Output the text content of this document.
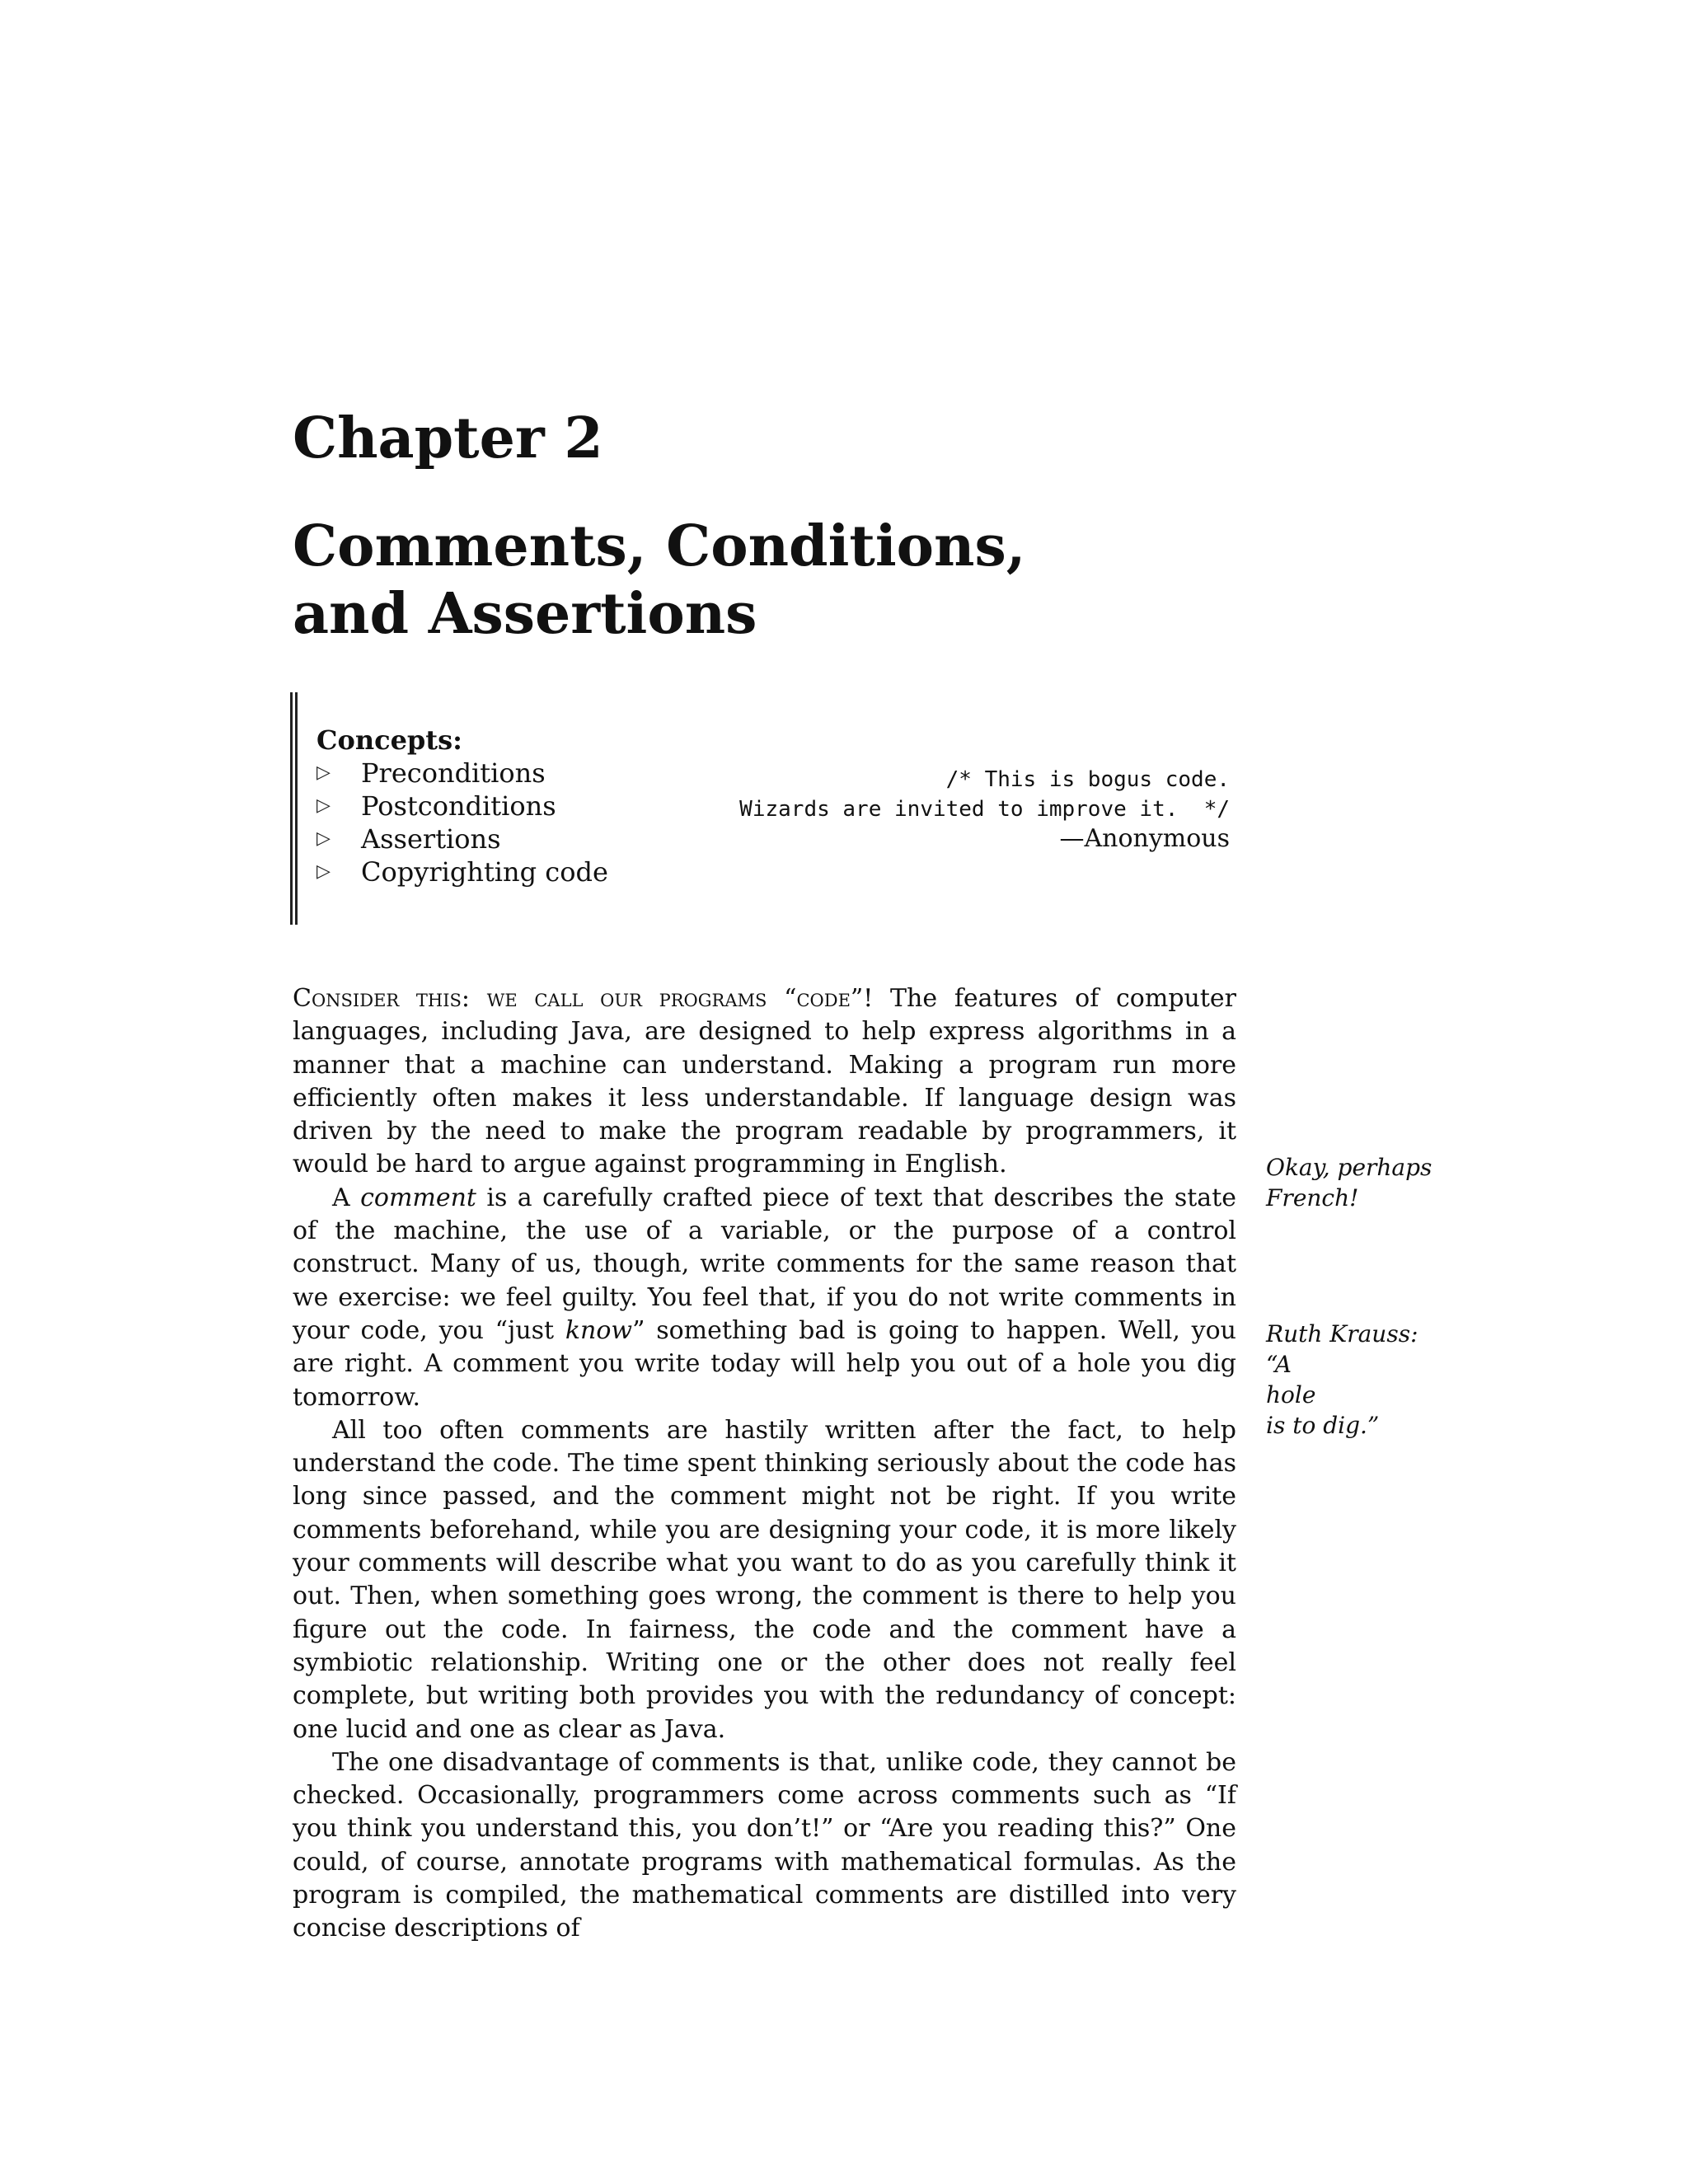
Chapter 2
Comments, Conditions,
and Assertions
Concepts:
▷ Preconditions
▷ Postconditions
▷ Assertions
▷ Copyrighting code
/* This is bogus code.
Wizards are invited to improve it.  */
—Anonymous

Consider this: we call our programs “code”! The features of computer languages, including Java, are designed to help express algorithms in a manner that a machine can understand. Making a program run more efficiently often makes it less understandable. If language design was driven by the need to make the program readable by programmers, it would be hard to argue against programming in English.

A comment is a carefully crafted piece of text that describes the state of the machine, the use of a variable, or the purpose of a control construct. Many of us, though, write comments for the same reason that we exercise: we feel guilty. You feel that, if you do not write comments in your code, you “just know” something bad is going to happen. Well, you are right. A comment you write today will help you out of a hole you dig tomorrow.

All too often comments are hastily written after the fact, to help understand the code. The time spent thinking seriously about the code has long since passed, and the comment might not be right. If you write comments beforehand, while you are designing your code, it is more likely your comments will describe what you want to do as you carefully think it out. Then, when something goes wrong, the comment is there to help you figure out the code. In fairness, the code and the comment have a symbiotic relationship. Writing one or the other does not really feel complete, but writing both provides you with the redundancy of concept: one lucid and one as clear as Java.

The one disadvantage of comments is that, unlike code, they cannot be checked. Occasionally, programmers come across comments such as “If you think you understand this, you don’t!” or “Are you reading this?” One could, of course, annotate programs with mathematical formulas. As the program is compiled, the mathematical comments are distilled into very concise descriptions of

Okay, perhaps
French!
Ruth Krauss: “A
hole
is to dig.”
